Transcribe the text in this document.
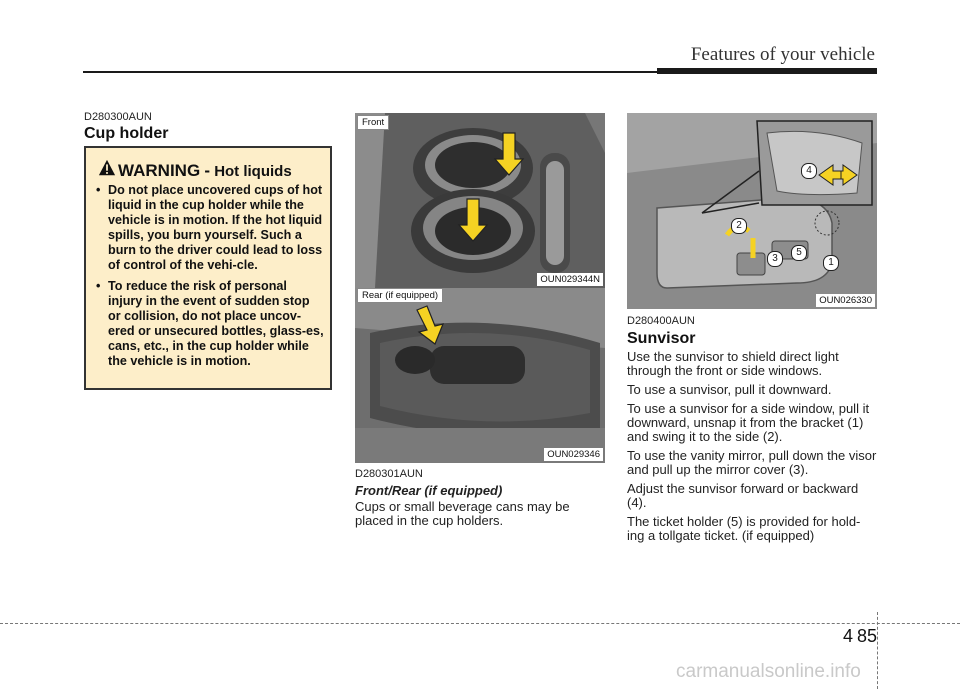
Features of your vehicle
D280300AUN
Cup holder
WARNING - Hot liquids
• Do not place uncovered cups of hot liquid in the cup holder while the vehicle is in motion. If the hot liquid spills, you burn yourself. Such a burn to the driver could lead to loss of control of the vehi-cle.
• To reduce the risk of personal injury in the event of sudden stop or collision, do not place uncov-ered or unsecured bottles, glass-es, cans, etc., in the cup holder while the vehicle is in motion.
Front
OUN029344N
Rear (if equipped)
OUN029346
D280301AUN
Front/Rear (if equipped)

Cups or small beverage cans may be placed in the cup holders.

1
2
3
4
5
OUN026330
D280400AUN
Sunvisor

Use the sunvisor to shield direct light through the front or side windows.

To use a sunvisor, pull it downward.

To use a sunvisor for a side window, pull it downward, unsnap it from the bracket (1) and swing it to the side (2).

To use the vanity mirror, pull down the visor and pull up the mirror cover (3).

Adjust the sunvisor forward or backward (4).

The ticket holder (5) is provided for hold-ing a tollgate ticket. (if equipped)

4 85
carmanualsonline.info
